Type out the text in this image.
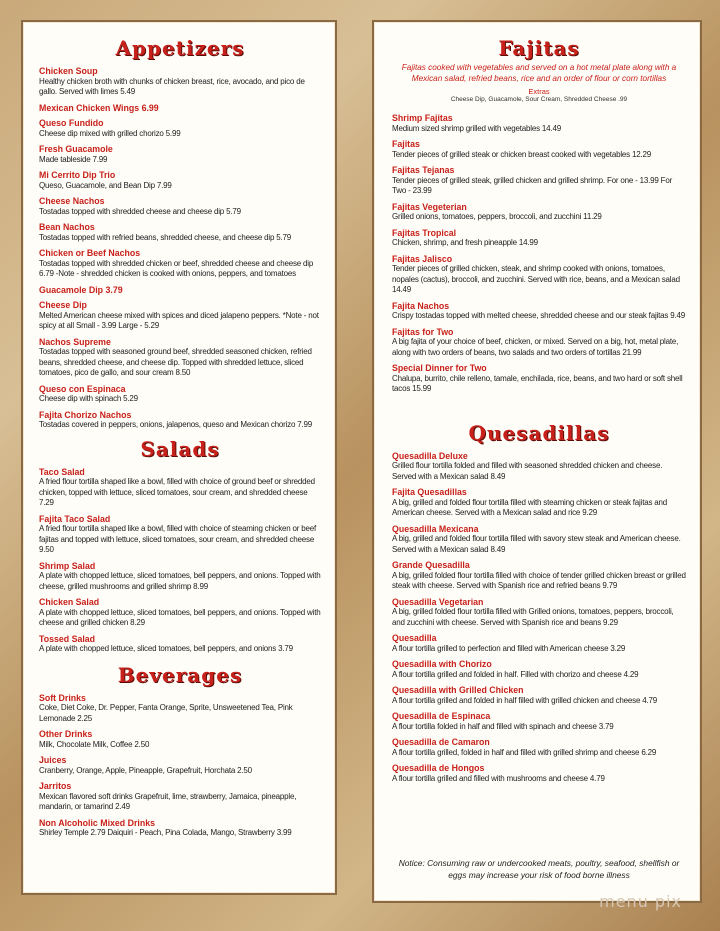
Appetizers
Chicken Soup
Healthy chicken broth with chunks of chicken breast, rice, avocado, and pico de gallo. Served with limes 5.49
Mexican Chicken Wings 6.99
Queso Fundido
Cheese dip mixed with grilled chorizo 5.99
Fresh Guacamole
Made tableside 7.99
Mi Cerrito Dip Trio
Queso, Guacamole, and Bean Dip 7.99
Cheese Nachos
Tostadas topped with shredded cheese and cheese dip 5.79
Bean Nachos
Tostadas topped with refried beans, shredded cheese, and cheese dip 5.79
Chicken or Beef Nachos
Tostadas topped with shredded chicken or beef, shredded cheese and cheese dip 6.79 -Note - shredded chicken is cooked with onions, peppers, and tomatoes
Guacamole Dip 3.79
Cheese Dip
Melted American cheese mixed with spices and diced jalapeno peppers. *Note - not spicy at all Small - 3.99 Large - 5.29
Nachos Supreme
Tostadas topped with seasoned ground beef, shredded seasoned chicken, refried beans, shredded cheese, and cheese dip. Topped with shredded lettuce, sliced tomatoes, pico de gallo, and sour cream 8.50
Queso con Espinaca
Cheese dip with spinach 5.29
Fajita Chorizo Nachos
Tostadas covered in peppers, onions, jalapenos, queso and Mexican chorizo 7.99
Salads
Taco Salad
A fried flour tortilla shaped like a bowl, filled with choice of ground beef or shredded chicken, topped with lettuce, sliced tomatoes, sour cream, and shredded cheese 7.29
Fajita Taco Salad
A fried flour tortilla shaped like a bowl, filled with choice of steaming chicken or beef fajitas and topped with lettuce, sliced tomatoes, sour cream, and shredded cheese 9.50
Shrimp Salad
A plate with chopped lettuce, sliced tomatoes, bell peppers, and onions. Topped with cheese, grilled mushrooms and grilled shrimp 8.99
Chicken Salad
A plate with chopped lettuce, sliced tomatoes, bell peppers, and onions. Topped with cheese and grilled chicken 8.29
Tossed Salad
A plate with chopped lettuce, sliced tomatoes, bell peppers, and onions 3.79
Beverages
Soft Drinks
Coke, Diet Coke, Dr. Pepper, Fanta Orange, Sprite, Unsweetened Tea, Pink Lemonade 2.25
Other Drinks
Milk, Chocolate Milk, Coffee 2.50
Juices
Cranberry, Orange, Apple, Pineapple, Grapefruit, Horchata 2.50
Jarritos
Mexican flavored soft drinks Grapefruit, lime, strawberry, Jamaica, pineapple, mandarin, or tamarind 2.49
Non Alcoholic Mixed Drinks
Shirley Temple 2.79 Daiquiri - Peach, Pina Colada, Mango, Strawberry 3.99
Fajitas
Fajitas cooked with vegetables and served on a hot metal plate along with a Mexican salad, refried beans, rice and an order of flour or corn tortillas
Extras
Cheese Dip, Guacamole, Sour Cream, Shredded Cheese .99
Shrimp Fajitas
Medium sized shrimp grilled with vegetables 14.49
Fajitas
Tender pieces of grilled steak or chicken breast cooked with vegetables 12.29
Fajitas Tejanas
Tender pieces of grilled steak, grilled chicken and grilled shrimp. For one - 13.99 For Two - 23.99
Fajitas Vegeterian
Grilled onions, tomatoes, peppers, broccoli, and zucchini 11.29
Fajitas Tropical
Chicken, shrimp, and fresh pineapple 14.99
Fajitas Jalisco
Tender pieces of grilled chicken, steak, and shrimp cooked with onions, tomatoes, nopales (cactus), broccoli, and zucchini. Served with rice, beans, and a Mexican salad 14.49
Fajita Nachos
Crispy tostadas topped with melted cheese, shredded cheese and our steak fajitas 9.49
Fajitas for Two
A big fajita of your choice of beef, chicken, or mixed. Served on a big, hot, metal plate, along with two orders of beans, two salads and two orders of tortillas 21.99
Special Dinner for Two
Chalupa, burrito, chile relleno, tamale, enchilada, rice, beans, and two hard or soft shell tacos 15.99
Quesadillas
Quesadilla Deluxe
Grilled flour tortilla folded and filled with seasoned shredded chicken and cheese. Served with a Mexican salad 8.49
Fajita Quesadillas
A big, grilled and folded flour tortilla filled with steaming chicken or steak fajitas and American cheese. Served with a Mexican salad and rice 9.29
Quesadilla Mexicana
A big, grilled and folded flour tortilla filled with savory stew steak and American cheese. Served with a Mexican salad 8.49
Grande Quesadilla
A big, grilled folded flour tortilla filled with choice of tender grilled chicken breast or grilled steak with cheese. Served with Spanish rice and refried beans 9.79
Quesadilla Vegetarian
A big, grilled folded flour tortilla filled with Grilled onions, tomatoes, peppers, broccoli, and zucchini with cheese. Served with Spanish rice and beans 9.29
Quesadilla
A flour tortilla grilled to perfection and filled with American cheese 3.29
Quesadilla with Chorizo
A flour tortilla grilled and folded in half. Filled with chorizo and cheese 4.29
Quesadilla with Grilled Chicken
A flour tortilla grilled and folded in half filled with grilled chicken and cheese 4.79
Quesadilla de Espinaca
A flour tortilla folded in half and filled with spinach and cheese 3.79
Quesadilla de Camaron
A flour tortilla grilled, folded in half and filled with grilled shrimp and cheese 6.29
Quesadilla de Hongos
A flour tortilla grilled and filled with mushrooms and cheese 4.79
Notice: Consuming raw or undercooked meats, poultry, seafood, shellfish or eggs may increase your risk of food borne illness
menu pix
